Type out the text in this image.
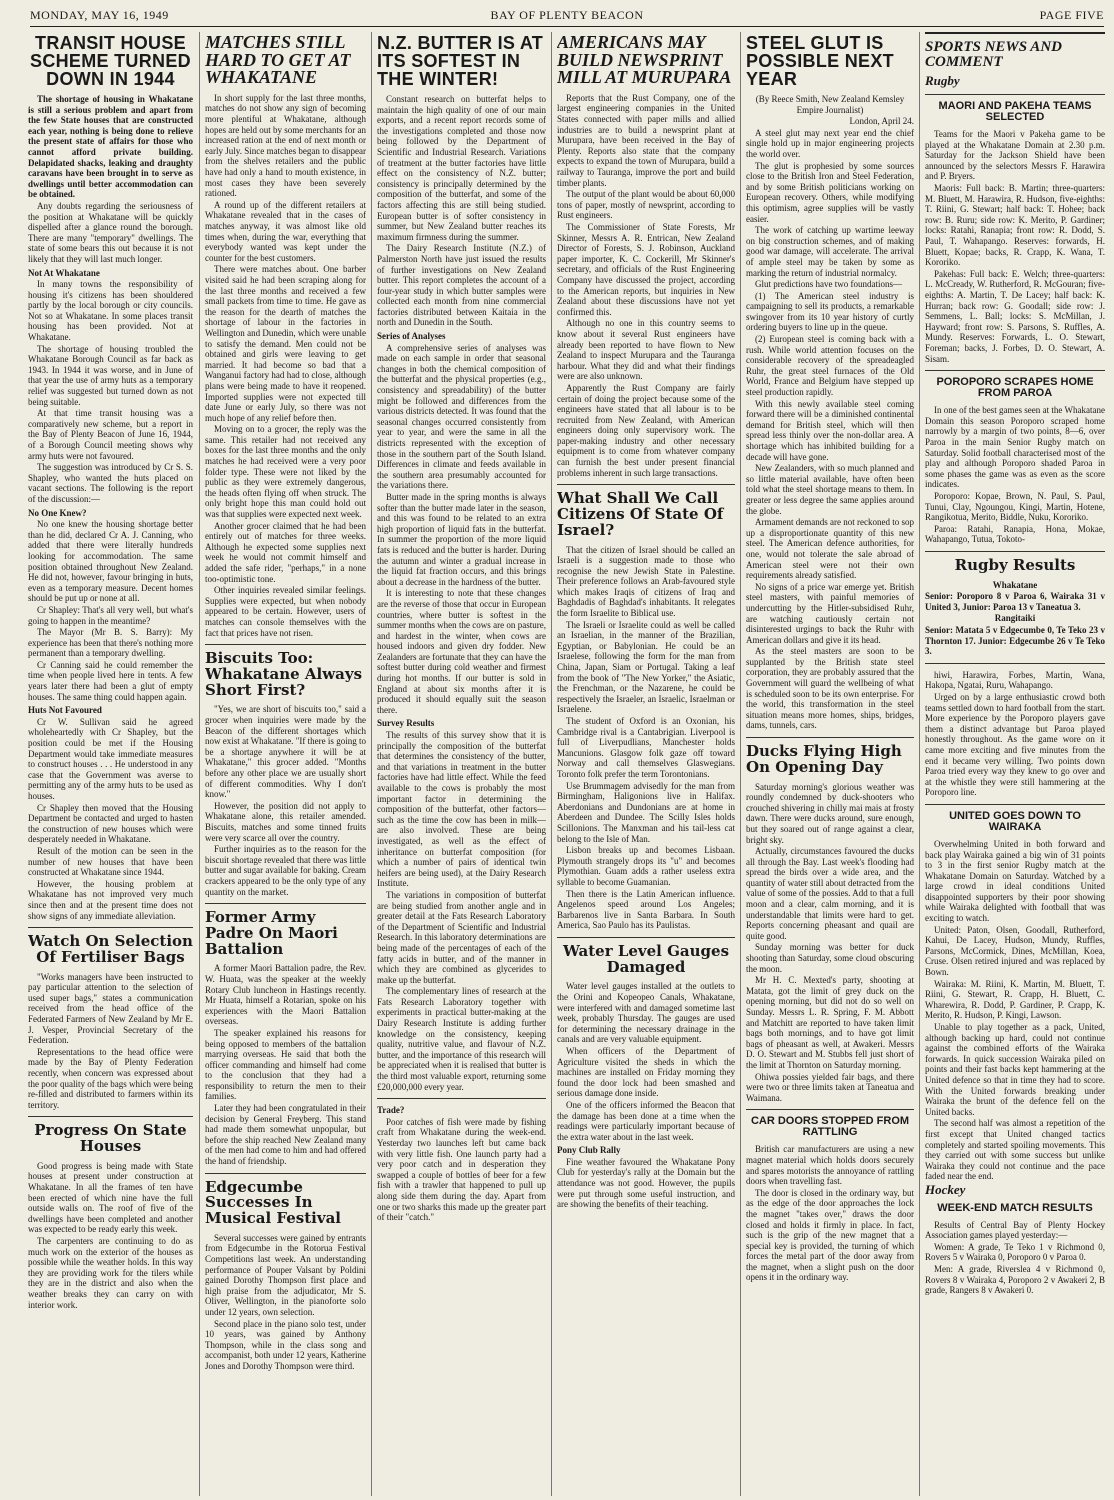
MONDAY, MAY 16, 1949	BAY OF PLENTY BEACON	PAGE FIVE
TRANSIT HOUSE SCHEME TURNED DOWN IN 1944

The shortage of housing in Whakatane is still a serious problem and apart from the few State houses that are constructed each year, nothing is being done to relieve the present state of affairs for those who cannot afford private building. Delapidated shacks, leaking and draughty caravans have been brought in to serve as dwellings until better accommodation can be obtained.

Any doubts regarding the seriousness of the position at Whakatane will be quickly dispelled after a glance round the borough. There are many "temporary" dwellings. The state of some bears this out because it is not likely that they will last much longer.

Not At Whakatane

In many towns the responsibility of housing it's citizens has been shouldered partly by the local borough or city councils. Not so at Whakatane. In some places transit housing has been provided. Not at Whakatane.

The shortage of housing troubled the Whakatane Borough Council as far back as 1943. In 1944 it was worse, and in June of that year the use of army huts as a temporary relief was suggested but turned down as not being suitable.

At that time transit housing was a comparatively new scheme, but a report in the Bay of Plenty Beacon of June 16, 1944, of a Borough Council meeting shows why army huts were not favoured.

The suggestion was introduced by Cr S. S. Shapley, who wanted the huts placed on vacant sections. The following is the report of the discussion:—

No One Knew?

No one knew the housing shortage better than he did, declared Cr A. J. Canning, who added that there were literally hundreds looking for accommodation. The same position obtained throughout New Zealand. He did not, however, favour bringing in huts, even as a temporary measure. Decent homes should be put up or none at all.

Cr Shapley: That's all very well, but what's going to happen in the meantime?

The Mayor (Mr B. S. Barry): My experience has been that there's nothing more permanent than a temporary dwelling.

Cr Canning said he could remember the time when people lived here in tents. A few years later there had been a glut of empty houses. The same thing could happen again.

Huts Not Favoured

Cr W. Sullivan said he agreed wholeheartedly with Cr Shapley, but the position could be met if the Housing Department would take immediate measures to construct houses . . . He understood in any case that the Government was averse to permitting any of the army huts to be used as houses.

Cr Shapley then moved that the Housing Department be contacted and urged to hasten the construction of new houses which were desperately needed in Whakatane.

Result of the motion can be seen in the number of new houses that have been constructed at Whakatane since 1944.

However, the housing problem at Whakatane has not improved very much since then and at the present time does not show signs of any immediate alleviation.

Watch On Selection Of Fertiliser Bags

"Works managers have been instructed to pay particular attention to the selection of used super bags," states a communication received from the head office of the Federated Farmers of New Zealand by Mr E. J. Vesper, Provincial Secretary of the Federation.

Representations to the head office were made by the Bay of Plenty Federation recently, when concern was expressed about the poor quality of the bags which were being re-filled and distributed to farmers within its territory.

Progress On State Houses

Good progress is being made with State houses at present under construction at Whakatane. In all the frames of ten have been erected of which nine have the full outside walls on. The roof of five of the dwellings have been completed and another was expected to be ready early this week.

The carpenters are continuing to do as much work on the exterior of the houses as possible while the weather holds. In this way they are providing work for the tilers while they are in the district and also when the weather breaks they can carry on with interior work.

MATCHES STILL HARD TO GET AT WHAKATANE

In short supply for the last three months, matches do not show any sign of becoming more plentiful at Whakatane, although hopes are held out by some merchants for an increased ration at the end of next month or early July. Since matches began to disappear from the shelves retailers and the public have had only a hand to mouth existence, in most cases they have been severely rationed.

A round up of the different retailers at Whakatane revealed that in the cases of matches anyway, it was almost like old times when, during the war, everything that everybody wanted was kept under the counter for the best customers.

There were matches about. One barber visited said he had been scraping along for the last three months and received a few small packets from time to time. He gave as the reason for the dearth of matches the shortage of labour in the factories in Wellington and Dunedin, which were unable to satisfy the demand. Men could not be obtained and girls were leaving to get married. It had become so bad that a Wanganui factory had had to close, although plans were being made to have it reopened. Imported supplies were not expected till date June or early July, so there was not much hope of any relief before then.

Moving on to a grocer, the reply was the same. This retailer had not received any boxes for the last three months and the only matches he had received were a very poor folder type. These were not liked by the public as they were extremely dangerous, the heads often flying off when struck. The only bright hope this man could hold out was that supplies were expected next week.

Another grocer claimed that he had been entirely out of matches for three weeks. Although he expected some supplies next week he would not commit himself and added the safe rider, "perhaps," in a none too-optimistic tone.

Other inquiries revealed similar feelings. Supplies were expected, but when nobody appeared to be certain. However, users of matches can console themselves with the fact that prices have not risen.

Biscuits Too: Whakatane Always Short First?

"Yes, we are short of biscuits too," said a grocer when inquiries were made by the Beacon of the different shortages which now exist at Whakatane. "If there is going to be a shortage anywhere it will be at Whakatane," this grocer added. "Months before any other place we are usually short of different commodities. Why I don't know."

However, the position did not apply to Whakatane alone, this retailer amended. Biscuits, matches and some tinned fruits were very scarce all over the country.

Further inquiries as to the reason for the biscuit shortage revealed that there was little butter and sugar available for baking. Cream crackers appeared to be the only type of any quantity on the market.

Former Army Padre On Maori Battalion

A former Maori Battalion padre, the Rev. W. Huata, was the speaker at the weekly Rotary Club luncheon in Hastings recently. Mr Huata, himself a Rotarian, spoke on his experiences with the Maori Battalion overseas.

The speaker explained his reasons for being opposed to members of the battalion marrying overseas. He said that both the officer commanding and himself had come to the conclusion that they had a responsibility to return the men to their families.

Later they had been congratulated in their decision by General Freyberg. This stand had made them somewhat unpopular, but before the ship reached New Zealand many of the men had come to him and had offered the hand of friendship.

Edgecumbe Successes In Musical Festival

Several successes were gained by entrants from Edgecumbe in the Rotorua Festival Competitions last week. An understanding performance of Pouper Valsant by Poldini gained Dorothy Thompson first place and high praise from the adjudicator, Mr S. Oliver, Wellington, in the pianoforte solo under 12 years, own selection.

Second place in the piano solo test, under 10 years, was gained by Anthony Thompson, while in the class song and accompanist, both under 12 years, Katherine Jones and Dorothy Thompson were third.

N.Z. BUTTER IS AT ITS SOFTEST IN THE WINTER!

Constant research on butterfat helps to maintain the high quality of one of our main exports, and a recent report records some of the investigations completed and those now being followed by the Department of Scientific and Industrial Research. Variations of treatment at the butter factories have little effect on the consistency of N.Z. butter; consistency is principally determined by the composition of the butterfat, and some of the factors affecting this are still being studied. European butter is of softer consistency in summer, but New Zealand butter reaches its maximum firmness during the summer.

The Dairy Research Institute (N.Z.) of Palmerston North have just issued the results of further investigations on New Zealand butter. This report completes the account of a four-year study in which butter samples were collected each month from nine commercial factories distributed between Kaitaia in the north and Dunedin in the South.

Series of Analyses

A comprehensive series of analyses was made on each sample in order that seasonal changes in both the chemical composition of the butterfat and the physical properties (e.g., consistency and spreadability) of the butter might be followed and differences from the various districts detected. It was found that the seasonal changes occurred consistently from year to year, and were the same in all the districts represented with the exception of those in the southern part of the South Island. Differences in climate and feeds available in the southern area presumably accounted for the variations there.

Butter made in the spring months is always softer than the butter made later in the season, and this was found to be related to an extra high proportion of liquid fats in the butterfat. In summer the proportion of the more liquid fats is reduced and the butter is harder. During the autumn and winter a gradual increase in the liquid fat fraction occurs, and this brings about a decrease in the hardness of the butter.

It is interesting to note that these changes are the reverse of those that occur in European countries, where butter is softest in the summer months when the cows are on pasture, and hardest in the winter, when cows are housed indoors and given dry fodder. New Zealanders are fortunate that they can have the softest butter during cold weather and firmest during hot months. If our butter is sold in England at about six months after it is produced it should equally suit the season there.

Survey Results

The results of this survey show that it is principally the composition of the butterfat that determines the consistency of the butter, and that variations in treatment in the butter factories have had little effect. While the feed available to the cows is probably the most important factor in determining the composition of the butterfat, other factors—such as the time the cow has been in milk—are also involved. These are being investigated, as well as the effect of inheritance on butterfat composition (for which a number of pairs of identical twin heifers are being used), at the Dairy Research Institute.

The variations in composition of butterfat are being studied from another angle and in greater detail at the Fats Research Laboratory of the Department of Scientific and Industrial Research. In this laboratory determinations are being made of the percentages of each of the fatty acids in butter, and of the manner in which they are combined as glycerides to make up the butterfat.

The complementary lines of research at the Fats Research Laboratory together with experiments in practical butter-making at the Dairy Research Institute is adding further knowledge on the consistency, keeping quality, nutritive value, and flavour of N.Z. butter, and the importance of this research will be appreciated when it is realised that butter is the third most valuable export, returning some £20,000,000 every year.

Trade?

Poor catches of fish were made by fishing craft from Whakatane during the week-end. Yesterday two launches left but came back with very little fish. One launch party had a very poor catch and in desperation they swapped a couple of bottles of beer for a few fish with a trawler that happened to pull up along side them during the day. Apart from one or two sharks this made up the greater part of their "catch."

AMERICANS MAY BUILD NEWSPRINT MILL AT MURUPARA

Reports that the Rust Company, one of the largest engineering companies in the United States connected with paper mills and allied industries are to build a newsprint plant at Murupara, have been received in the Bay of Plenty. Reports also state that the company expects to expand the town of Murupara, build a railway to Tauranga, improve the port and build timber plants.

The output of the plant would be about 60,000 tons of paper, mostly of newsprint, according to Rust engineers.

The Commissioner of State Forests, Mr Skinner, Messrs A. R. Entrican, New Zealand Director of Forests, S. J. Robinson, Auckland paper importer, K. C. Cockerill, Mr Skinner's secretary, and officials of the Rust Engineering Company have discussed the project, according to the American reports, but inquiries in New Zealand about these discussions have not yet confirmed this.

Although no one in this country seems to know about it several Rust engineers have already been reported to have flown to New Zealand to inspect Murupara and the Tauranga harbour. What they did and what their findings were are also unknown.

Apparently the Rust Company are fairly certain of doing the project because some of the engineers have stated that all labour is to be recruited from New Zealand, with American engineers doing only supervisory work. The paper-making industry and other necessary equipment is to come from whatever company can furnish the best under present financial problems inherent in such large transactions.

What Shall We Call Citizens Of State Of Israel?

That the citizen of Israel should be called an Israeli is a suggestion made to those who recognise the new Jewish State in Palestine. Their preference follows an Arab-favoured style which makes Iraqis of citizens of Iraq and Baghdadis of Baghdad's inhabitants. It relegates the form Israelite to Biblical use.

The Israeli or Israelite could as well be called an Israelian, in the manner of the Brazilian, Egyptian, or Babylonian. He could be an Israelese, following the form for the man from China, Japan, Siam or Portugal. Taking a leaf from the book of "The New Yorker," the Asiatic, the Frenchman, or the Nazarene, he could be respectively the Israeler, an Israelic, Israelman or Israelene.

The student of Oxford is an Oxonian, his Cambridge rival is a Cantabrigian. Liverpool is full of Liverpudlians, Manchester holds Mancunions. Glasgow folk gaze off toward Norway and call themselves Glaswegians. Toronto folk prefer the term Torontonians.

Use Brummagem advisedly for the man from Birmingham, Haligonions live in Halifax. Aberdonians and Dundonians are at home in Aberdeen and Dundee. The Scilly Isles holds Scillonions. The Manxman and his tail-less cat belong to the Isle of Man.

Lisbon breaks up and becomes Lisbaan. Plymouth strangely drops its "u" and becomes Plymothian. Guam adds a rather useless extra syllable to become Guamanian.

Then there is the Latin American influence. Angelenos speed around Los Angeles; Barbarenos live in Santa Barbara. In South America, Sao Paulo has its Paulistas.

Water Level Gauges Damaged

Water level gauges installed at the outlets to the Orini and Kopeopeo Canals, Whakatane, were interfered with and damaged sometime last week, probably Thursday. The gauges are used for determining the necessary drainage in the canals and are very valuable equipment.

When officers of the Department of Agriculture visited the sheds in which the machines are installed on Friday morning they found the door lock had been smashed and serious damage done inside.

One of the officers informed the Beacon that the damage has been done at a time when the readings were particularly important because of the extra water about in the last week.

Pony Club Rally

Fine weather favoured the Whakatane Pony Club for yesterday's rally at the Domain but the attendance was not good. However, the pupils were put through some useful instruction, and are showing the benefits of their teaching.

STEEL GLUT IS POSSIBLE NEXT YEAR

(By Reece Smith, New Zealand Kemsley Empire Journalist)

London, April 24.

A steel glut may next year end the chief single hold up in major engineering projects the world over.

The glut is prophesied by some sources close to the British Iron and Steel Federation, and by some British politicians working on European recovery. Others, while modifying this optimism, agree supplies will be vastly easier.

The work of catching up wartime leeway on big construction schemes, and of making good war damage, will accelerate. The arrival of ample steel may be taken by some as marking the return of industrial normalcy.

Glut predictions have two foundations—

(1) The American steel industry is campaigning to sell its products, a remarkable swingover from its 10 year history of curtly ordering buyers to line up in the queue.

(2) European steel is coming back with a rush. While world attention focuses on the considerable recovery of the spreadeagled Ruhr, the great steel furnaces of the Old World, France and Belgium have stepped up steel production rapidly.

With this newly available steel coming forward there will be a diminished continental demand for British steel, which will then spread less thinly over the non-dollar area. A shortage which has inhibited building for a decade will have gone.

New Zealanders, with so much planned and so little material available, have often been told what the steel shortage means to them. In greater or less degree the same applies around the globe.

Armament demands are not reckoned to sop up a disproportionate quantity of this new steel. The American defence authorities, for one, would not tolerate the sale abroad of American steel were not their own requirements already satisfied.

No signs of a price war emerge yet. British steel masters, with painful memories of undercutting by the Hitler-subsidised Ruhr, are watching cautiously certain not disinterested urgings to back the Ruhr with American dollars and give it its head.

As the steel masters are soon to be supplanted by the British state steel corporation, they are probably assured that the Government will guard the wellbeing of what is scheduled soon to be its own enterprise. For the world, this transformation in the steel situation means more homes, ships, bridges, dams, tunnels, cars.

Ducks Flying High On Opening Day

Saturday morning's glorious weather was roundly condemned by duck-shooters who crouched shivering in chilly mai mais at frosty dawn. There were ducks around, sure enough, but they soared out of range against a clear, bright sky.

Actually, circumstances favoured the ducks all through the Bay. Last week's flooding had spread the birds over a wide area, and the quantity of water still about detracted from the value of some of the possies. Add to that a full moon and a clear, calm morning, and it is understandable that limits were hard to get. Reports concerning pheasant and quail are quite good.

Sunday morning was better for duck shooting than Saturday, some cloud obscuring the moon.

Mr H. C. Mexted's party, shooting at Matata, got the limit of grey duck on the opening morning, but did not do so well on Sunday. Messrs L. R. Spring, F. M. Abbott and Matchitt are reported to have taken limit bags both mornings, and to have got limit bags of pheasant as well, at Awakeri. Messrs D. O. Stewart and M. Stubbs fell just short of the limit at Thornton on Saturday morning.

Ohiwa possies yielded fair bags, and there were two or three limits taken at Taneatua and Waimana.

CAR DOORS STOPPED FROM RATTLING

British car manufacturers are using a new magnet material which holds doors securely and spares motorists the annoyance of rattling doors when travelling fast.

The door is closed in the ordinary way, but as the edge of the door approaches the lock the magnet "takes over," draws the door closed and holds it firmly in place. In fact, such is the grip of the new magnet that a special key is provided, the turning of which forces the metal part of the door away from the magnet, when a slight push on the door opens it in the ordinary way.

SPORTS NEWS AND COMMENT
Rugby
MAORI AND PAKEHA TEAMS SELECTED

Teams for the Maori v Pakeha game to be played at the Whakatane Domain at 2.30 p.m. Saturday for the Jackson Shield have been announced by the selectors Messrs F. Harawira and P. Bryers.

Maoris: Full back: B. Martin; three-quarters: M. Bluett, M. Harawira, R. Hudson, five-eighths: T. Riini, G. Stewart; half back: T. Hohee; back row: B. Ruru; side row: K. Merito, P. Gardiner; locks: Ratahi, Ranapia; front row: R. Dodd, S. Paul, T. Wahapango. Reserves: forwards, H. Bluett, Kopae; backs, R. Crapp, K. Wana, T. Kororiko.

Pakehas: Full back: E. Welch; three-quarters: L. McCready, W. Rutherford, R. McGouran; five-eighths: A. Martin, T. De Lacey; half back: K. Hurran; back row: G. Goodall; side row: J. Semmens, L. Ball; locks: S. McMillan, J. Hayward; front row: S. Parsons, S. Ruffles, A. Mundy. Reserves: Forwards, L. O. Stewart, Foreman; backs, J. Forbes, D. O. Stewart, A. Sisam.

POROPORO SCRAPES HOME FROM PAROA

In one of the best games seen at the Whakatane Domain this season Poroporo scraped home narrowly by a margin of two points, 8—6, over Paroa in the main Senior Rugby match on Saturday. Solid football characterised most of the play and although Poroporo shaded Paroa in some phases the game was as even as the score indicates.

Poroporo: Kopae, Brown, N. Paul, S. Paul, Tunui, Clay, Ngoungou, Kingi, Martin, Hotene, Rangikotua, Merito, Biddle, Nuku, Kororiko.

Paroa: Ratahi, Ranapia, Hona, Mokae, Wahapango, Tutua, Tokoto-

Rugby Results

Whakatane

Senior: Poroporo 8 v Paroa 6, Wairaka 31 v United 3, Junior: Paroa 13 v Taneatua 3.

Rangitaiki

Senior: Matata 5 v Edgecumbe 0, Te Teko 23 v Thornton 17. Junior: Edgecumbe 26 v Te Teko 3.

hiwi, Harawira, Forbes, Martin, Wana, Hakopa, Ngatai, Ruru, Wahapango.

Urged on by a large enthusiastic crowd both teams settled down to hard football from the start. More experience by the Poroporo players gave them a distinct advantage but Paroa played honestly throughout. As the game wore on it came more exciting and five minutes from the end it became very willing. Two points down Paroa tried every way they knew to go over and at the whistle they were still hammering at the Poroporo line.

UNITED GOES DOWN TO WAIRAKA

Overwhelming United in both forward and back play Wairaka gained a big win of 31 points to 3 in the first senior Rugby match at the Whakatane Domain on Saturday. Watched by a large crowd in ideal conditions United disappointed supporters by their poor showing while Wairaka delighted with football that was exciting to watch.

United: Paton, Olsen, Goodall, Rutherford, Kahui, De Lacey, Hudson, Mundy, Ruffles, Parsons, McCormick, Dines, McMillan, Koea, Cruse. Olsen retired injured and was replaced by Bown.

Wairaka: M. Riini, K. Martin, M. Bluett, T. Riini, G. Stewart, R. Crapp, H. Bluett, C. Wharewira, R. Dodd, P. Gardiner, P. Crapp, K. Merito, R. Hudson, P. Kingi, Lawson.

Unable to play together as a pack, United, although backing up hard, could not continue against the combined efforts of the Wairaka forwards. In quick succession Wairaka piled on points and their fast backs kept hammering at the United defence so that in time they had to score. With the United forwards breaking under Wairaka the brunt of the defence fell on the United backs.

The second half was almost a repetition of the first except that United changed tactics completely and started spoiling movements. This they carried out with some success but unlike Wairaka they could not continue and the pace faded near the end.

Hockey
WEEK-END MATCH RESULTS

Results of Central Bay of Plenty Hockey Association games played yesterday:—

Women: A grade, Te Teko 1 v Richmond 0, Rovers 5 v Wairaka 0, Poroporo 0 v Paroa 0.

Men: A grade, Riverslea 4 v Richmond 0, Rovers 8 v Wairaka 4, Poroporo 2 v Awakeri 2, B grade, Rangers 8 v Awakeri 0.
